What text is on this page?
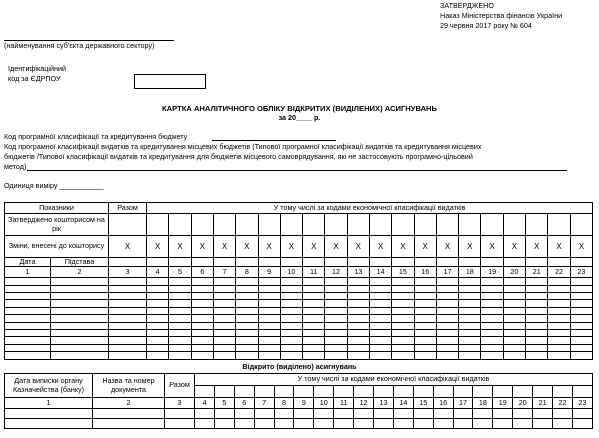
ЗАТВЕРДЖЕНО
Наказ Міністерства фінансів України
29 червня 2017 року № 604
(найменування суб'єкта державного сектору)
Ідентифікаційний
код за ЄДРПОУ
КАРТКА АНАЛІТИЧНОГО ОБЛІКУ ВІДКРИТИХ (ВИДІЛЕНИХ) АСИГНУВАНЬ
за 20____ р.
Код програмної класифікації та кредитування бюджету
Код програмної класифікації видатків та кредитування місцевих бюджетів (Типової програмної класифікації видатків та кредитування місцевих
бюджетів /Типової класифікації видатків та кредитування для бюджетів місцевого самоврядування, які не застосовують програмно-цільовий
метод)
Одиниця виміру ___________
Показники		Разом	У тому числі за кодами економічної класифікації видатків																			
Затверджено кошторисом на рік																						
Зміни, внесені до кошторису		Х	Х	Х	Х	Х	Х	Х	Х	Х	Х	Х	Х	Х	Х	Х	Х	Х	Х	Х	Х	Х
Дата	Підстава																					
1	2	3	4	5	6	7	8	9	10	11	12	13	14	15	16	17	18	19	20	21	22	23

Відкрито (виділено) асигнувань
Дата виписки органу Казначейства (банку)	Назва та номер документа	Разом	У тому числі за кодами економічної класифікації видатків																			

1	2	3	4	5	6	7	8	9	10	11	12	13	14	15	16	17	18	19	20	21	22	23
